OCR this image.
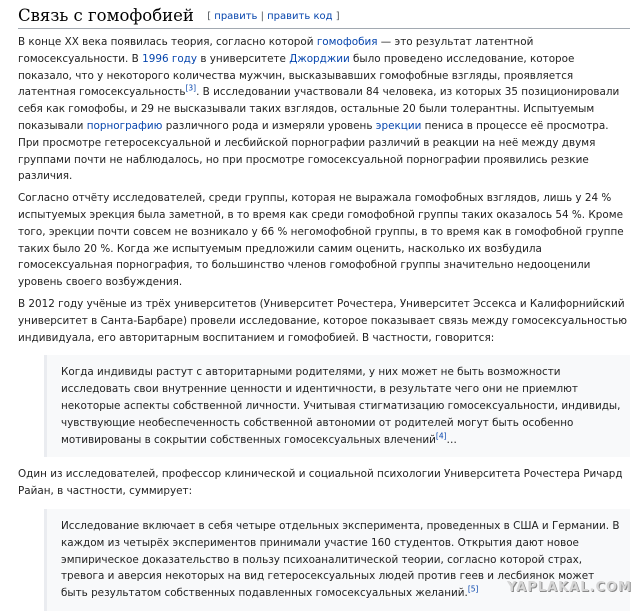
Связь с гомофобией [ править | править код ]

В конце XX века появилась теория, согласно которой гомофобия — это результат латентной гомосексуальности. В 1996 году в университете Джорджии было проведено исследование, которое показало, что у некоторого количества мужчин, высказывавших гомофобные взгляды, проявляется латентная гомосексуальность[3]. В исследовании участвовали 84 человека, из которых 35 позиционировали себя как гомофобы, и 29 не высказывали таких взглядов, остальные 20 были толерантны. Испытуемым показывали порнографию различного рода и измеряли уровень эрекции пениса в процессе её просмотра. При просмотре гетеросексуальной и лесбийской порнографии различий в реакции на неё между двумя группами почти не наблюдалось, но при просмотре гомосексуальной порнографии проявились резкие различия.

Согласно отчёту исследователей, среди группы, которая не выражала гомофобных взглядов, лишь у 24 % испытуемых эрекция была заметной, в то время как среди гомофобной группы таких оказалось 54 %. Кроме того, эрекции почти совсем не возникало у 66 % негомофобной группы, в то время как в гомофобной группе таких было 20 %. Когда же испытуемым предложили самим оценить, насколько их возбудила гомосексуальная порнография, то большинство членов гомофобной группы значительно недооценили уровень своего возбуждения.

В 2012 году учёные из трёх университетов (Университет Рочестера, Университет Эссекса и Калифорнийский университет в Санта-Барбаре) провели исследование, которое показывает связь между гомосексуальностью индивидуала, его авторитарным воспитанием и гомофобией. В частности, говорится:

Когда индивиды растут с авторитарными родителями, у них может не быть возможности исследовать свои внутренние ценности и идентичности, в результате чего они не приемлют некоторые аспекты собственной личности. Учитывая стигматизацию гомосексуальности, индивиды, чувствующие необеспеченность собственной автономии от родителей могут быть особенно мотивированы в сокрытии собственных гомосексуальных влечений[4]…

Один из исследователей, профессор клинической и социальной психологии Университета Рочестера Ричард Райан, в частности, суммирует:

Исследование включает в себя четыре отдельных эксперимента, проведенных в США и Германии. В каждом из четырёх экспериментов принимали участие 160 студентов. Открытия дают новое эмпирическое доказательство в пользу психоаналитической теории, согласно которой страх, тревога и аверсия некоторых на вид гетеросексуальных людей против геев и лесбиянок может быть результатом собственных подавленных гомосексуальных желаний.[5]	YAPLAKAL.COM
